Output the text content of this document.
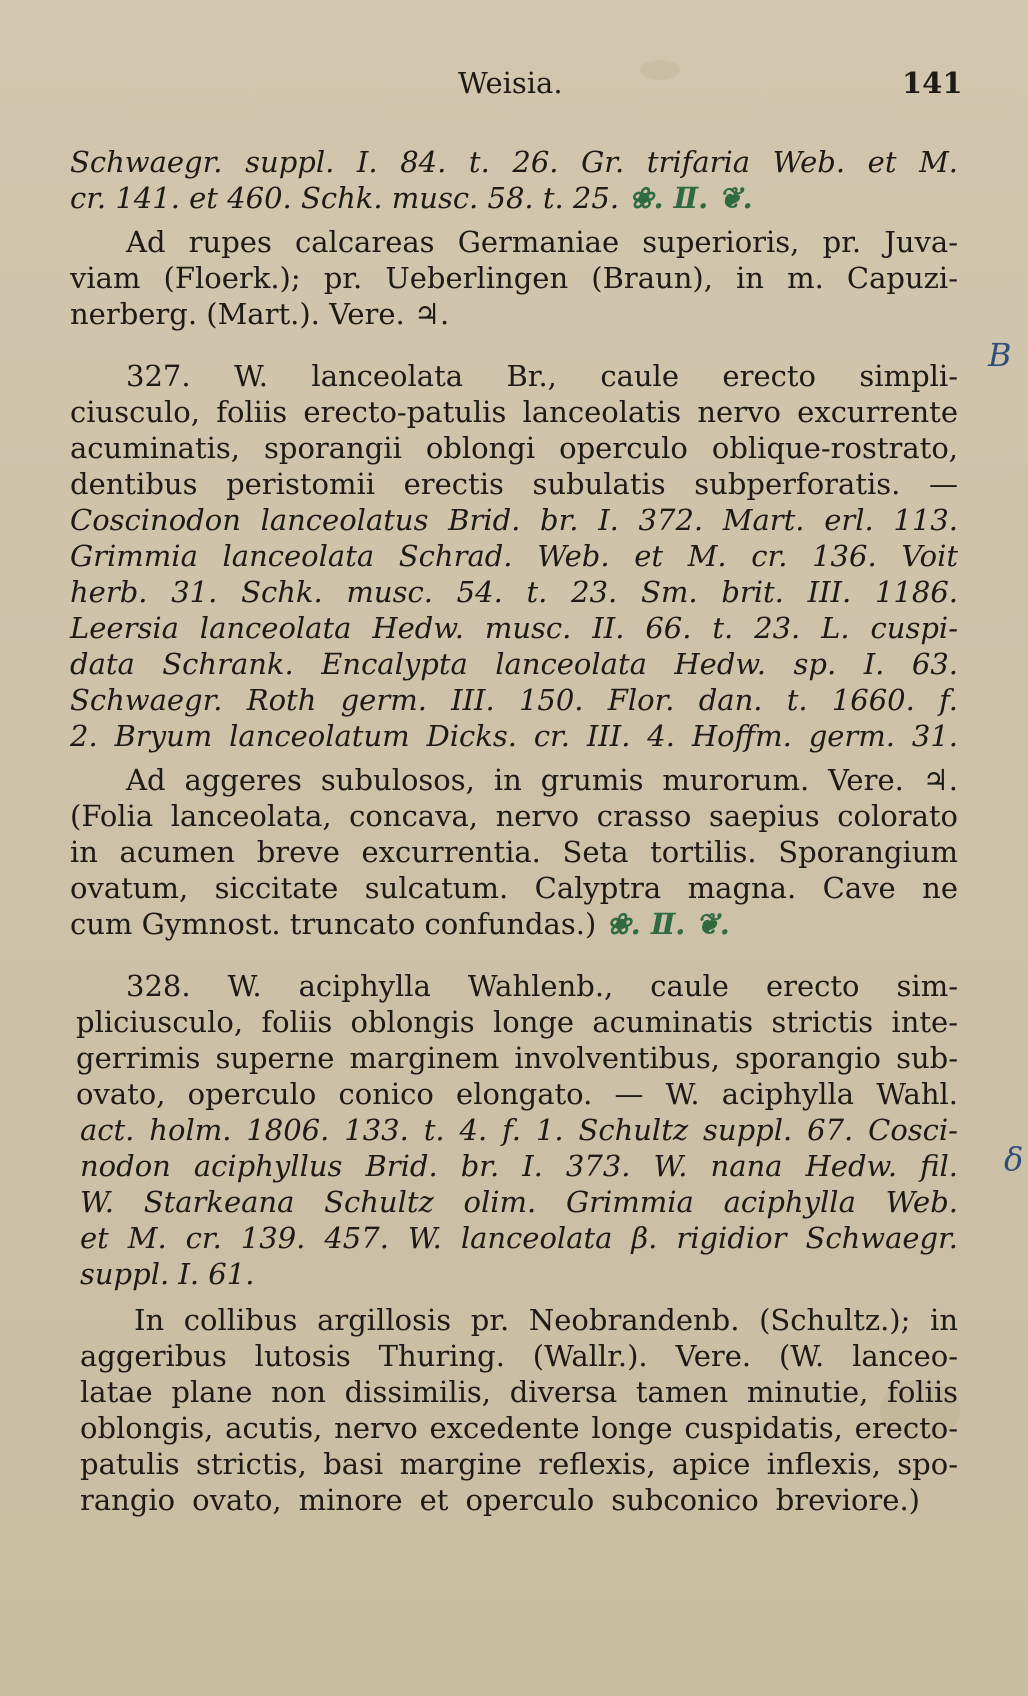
Weisia.	141
Schwaegr. suppl. I. 84. t. 26. Gr. trifaria Web. et M.
cr. 141. et 460. Schk. musc. 58. t. 25. ❀. Ⅱ. ❦.
Ad rupes calcareas Germaniae superioris, pr. Juva-
viam (Floerk.); pr. Ueberlingen (Braun), in m. Capuzi-
nerberg. (Mart.). Vere. ♃.
327. W. lanceolata Br., caule erecto simpli-
ciusculo, foliis erecto-patulis lanceolatis nervo excurrente
acuminatis, sporangii oblongi operculo oblique-rostrato,
dentibus peristomii erectis subulatis subperforatis. —
Coscinodon lanceolatus Brid. br. I. 372. Mart. erl. 113.
Grimmia lanceolata Schrad. Web. et M. cr. 136. Voit
herb. 31. Schk. musc. 54. t. 23. Sm. brit. III. 1186.
Leersia lanceolata Hedw. musc. II. 66. t. 23. L. cuspi-
data Schrank. Encalypta lanceolata Hedw. sp. I. 63.
Schwaegr. Roth germ. III. 150. Flor. dan. t. 1660. f.
2. Bryum lanceolatum Dicks. cr. III. 4. Hoffm. germ. 31.
Ad aggeres subulosos, in grumis murorum. Vere. ♃.
(Folia lanceolata, concava, nervo crasso saepius colorato
in acumen breve excurrentia. Seta tortilis. Sporangium
ovatum, siccitate sulcatum. Calyptra magna. Cave ne
cum Gymnost. truncato confundas.) ❀. Ⅱ. ❦.
328. W. aciphylla Wahlenb., caule erecto sim-
pliciusculo, foliis oblongis longe acuminatis strictis inte-
gerrimis superne marginem involventibus, sporangio sub-
ovato, operculo conico elongato. — W. aciphylla Wahl.
act. holm. 1806. 133. t. 4. f. 1. Schultz suppl. 67. Cosci-
nodon aciphyllus Brid. br. I. 373. W. nana Hedw. fil.
W. Starkeana Schultz olim. Grimmia aciphylla Web.
et M. cr. 139. 457. W. lanceolata β. rigidior Schwaegr.
suppl. I. 61.
In collibus argillosis pr. Neobrandenb. (Schultz.); in
aggeribus lutosis Thuring. (Wallr.). Vere. (W. lanceo-
latae plane non dissimilis, diversa tamen minutie, foliis
oblongis, acutis, nervo excedente longe cuspidatis, erecto-
patulis strictis, basi margine reflexis, apice inflexis, spo-
rangio ovato, minore et operculo subconico breviore.)
B
δ
